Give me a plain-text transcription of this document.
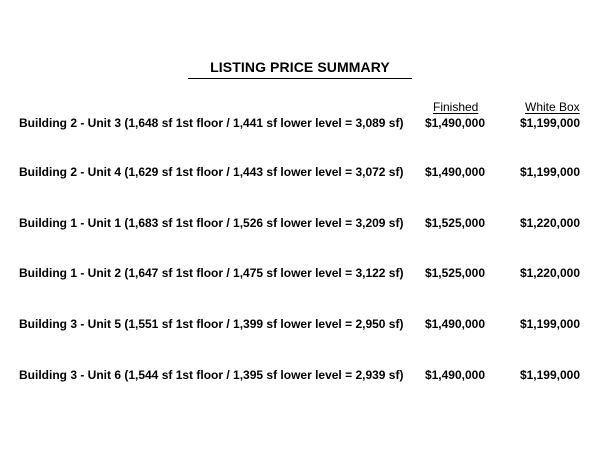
LISTING PRICE SUMMARY
Finished	White Box
Building 2 - Unit 3 (1,648 sf 1st floor / 1,441 sf lower level = 3,089 sf) $1,490,000	$1,199,000
Building 2 - Unit 4 (1,629 sf 1st floor / 1,443 sf lower level = 3,072 sf) $1,490,000	$1,199,000
Building 1 - Unit 1 (1,683 sf 1st floor / 1,526 sf lower level = 3,209 sf) $1,525,000	$1,220,000
Building 1 - Unit 2 (1,647 sf 1st floor / 1,475 sf lower level = 3,122 sf) $1,525,000	$1,220,000
Building 3 - Unit 5 (1,551 sf 1st floor / 1,399 sf lower level = 2,950 sf) $1,490,000	$1,199,000
Building 3 - Unit 6 (1,544 sf 1st floor / 1,395 sf lower level = 2,939 sf) $1,490,000	$1,199,000
